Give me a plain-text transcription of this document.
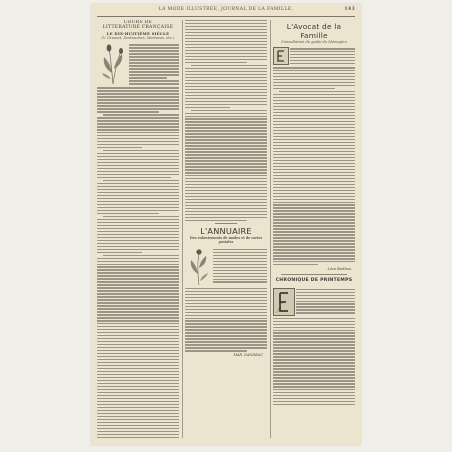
LA MODE ILLUSTRÉE, JOURNAL DE LA FAMILLE.	143
COURS DE
LITTÉRATURE FRANÇAISE
LE DIX-HUITIÈME SIÈCLE
(V. Gresset, Destouches, Marivaux, etc.)
L'ANNUAIRE
Des enfantements de modes et de cartes postales
MAR. DANHEAU
L'Avocat de la Famille
Consultation du guide du Ménagère
Léon Barthou
CHRONIQUE DE PRINTEMPS
